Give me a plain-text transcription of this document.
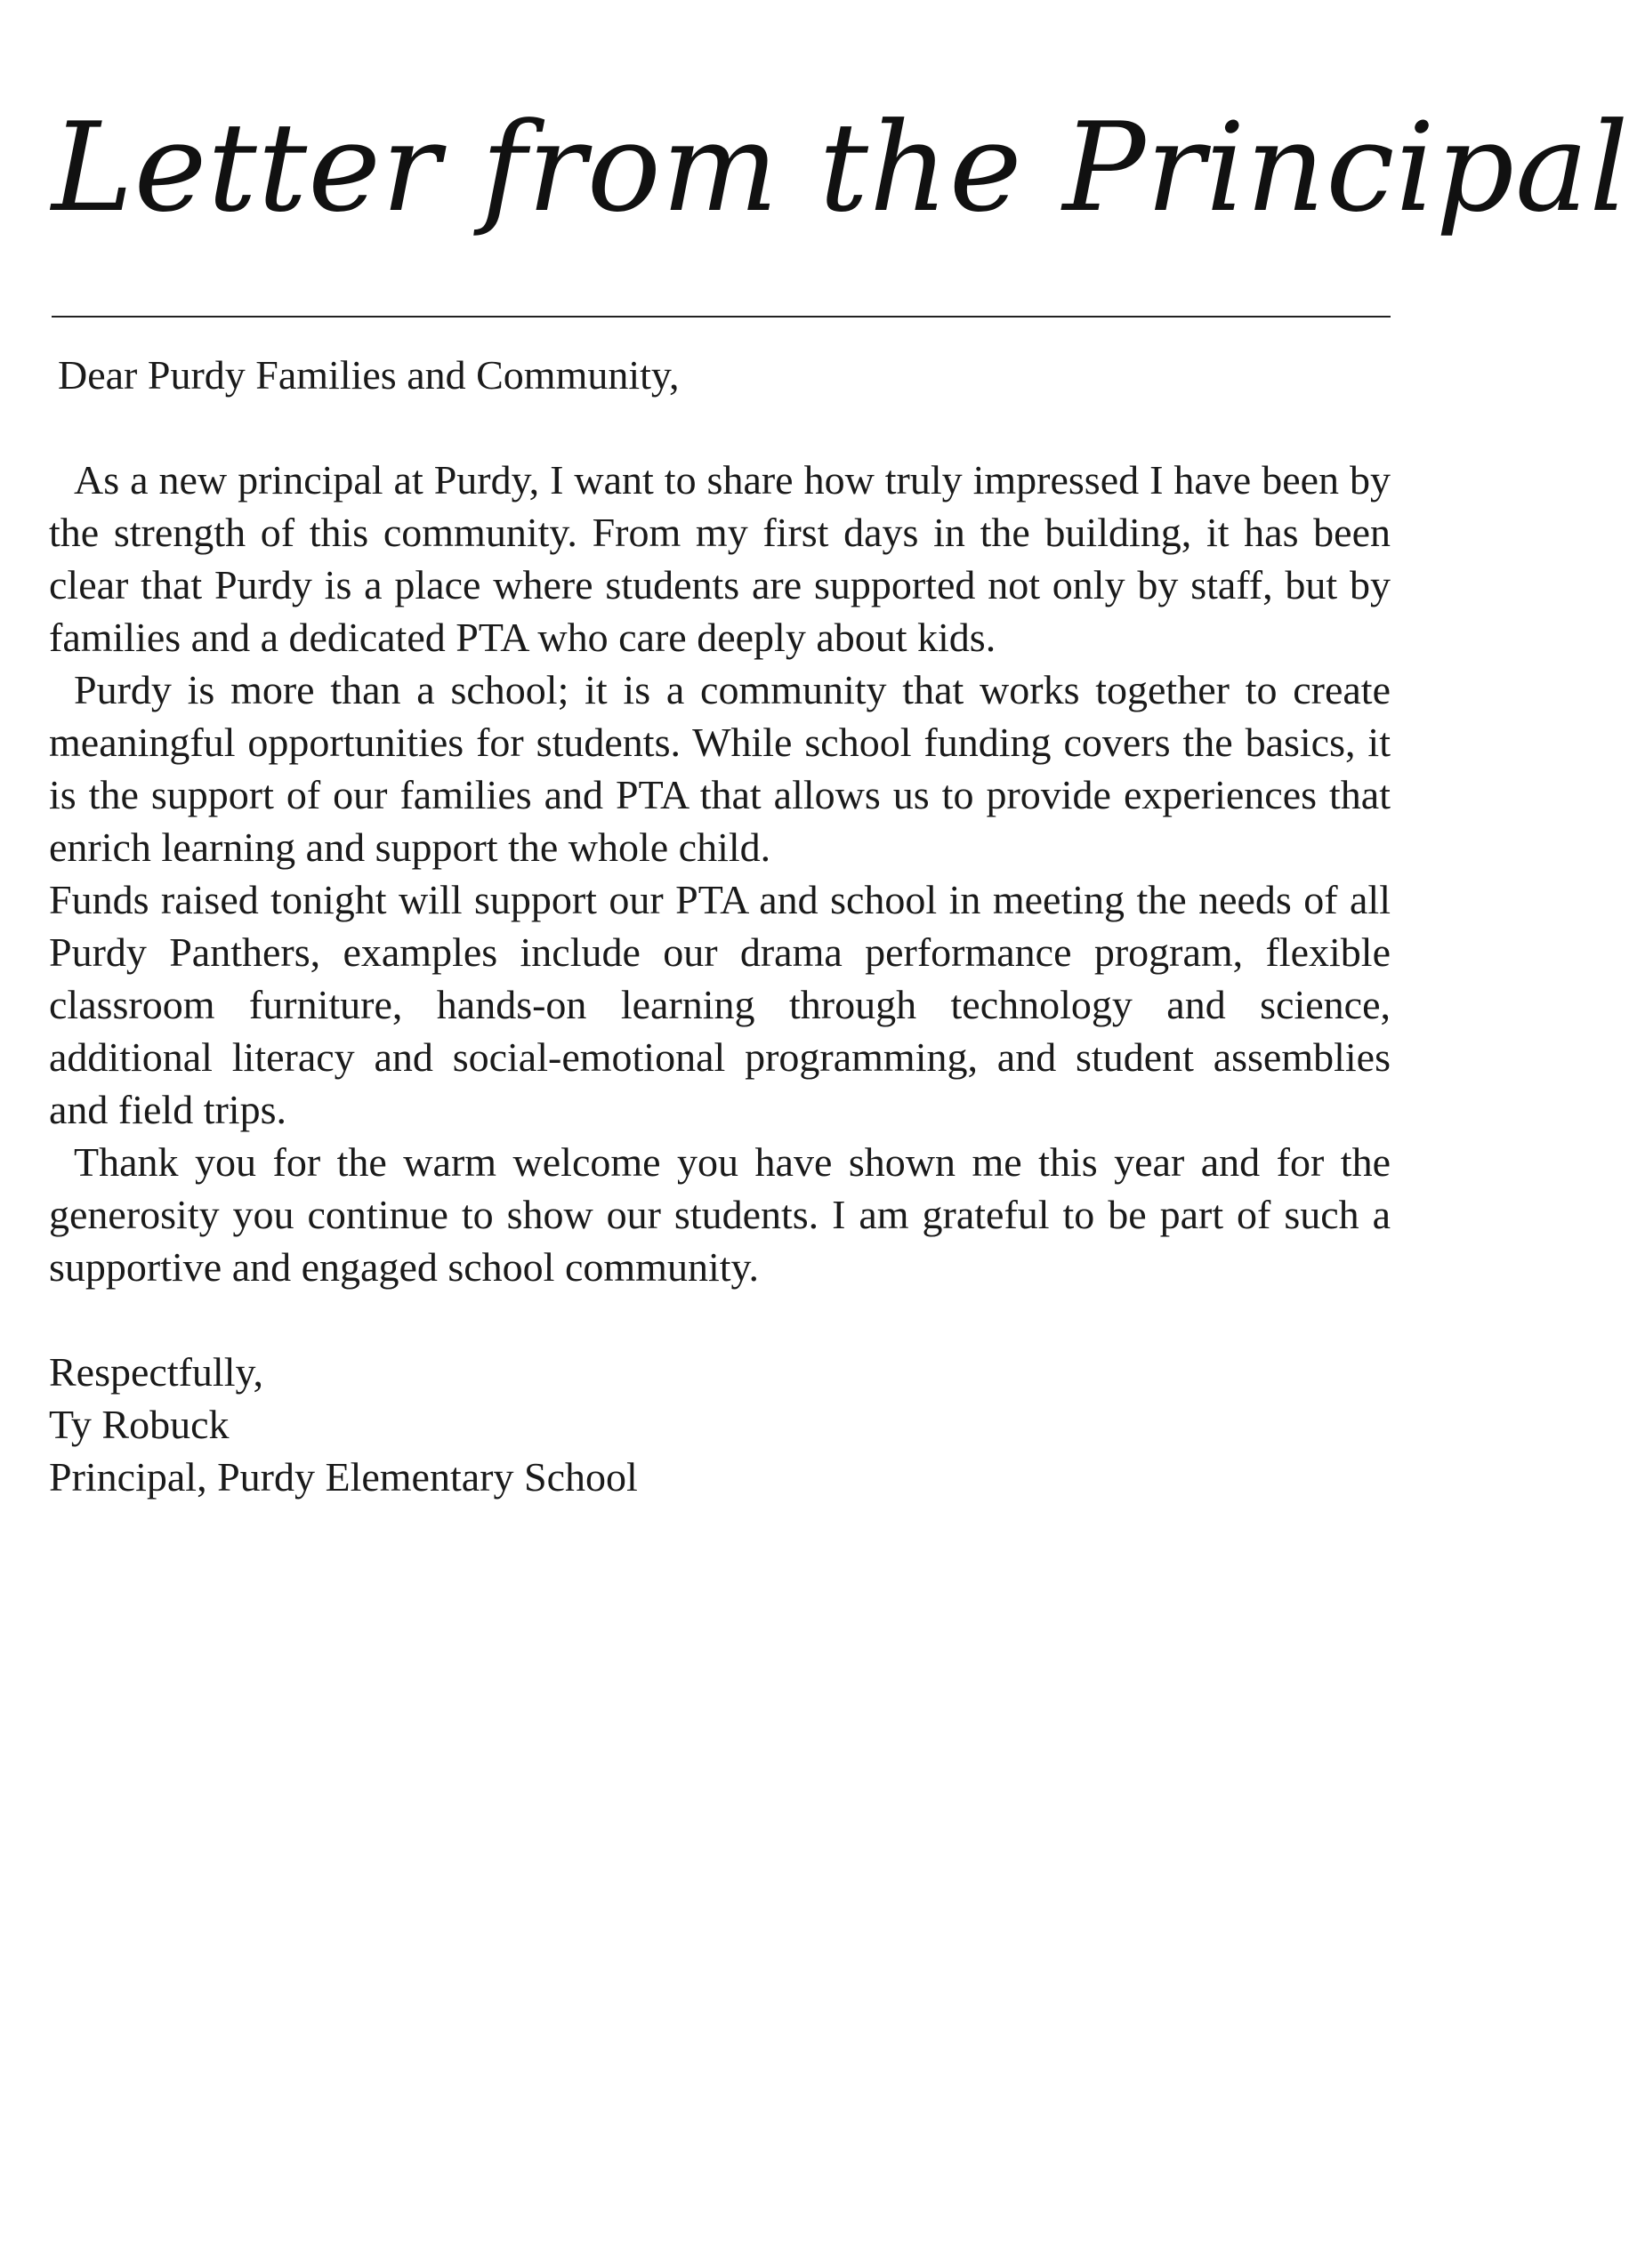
Letter from the Principal

Dear Purdy Families and Community,

As a new principal at Purdy, I want to share how truly impressed I have been by the strength of this community. From my first days in the building, it has been clear that Purdy is a place where students are supported not only by staff, but by families and a dedicated PTA who care deeply about kids.

Purdy is more than a school; it is a community that works together to create meaningful opportunities for students. While school funding covers the basics, it is the support of our families and PTA that allows us to provide experiences that enrich learning and support the whole child.

Funds raised tonight will support our PTA and school in meeting the needs of all Purdy Panthers, examples include our drama performance program, flexible classroom furniture, hands-on learning through technology and science, additional literacy and social-emotional programming, and student assemblies and field trips.

Thank you for the warm welcome you have shown me this year and for the generosity you continue to show our students. I am grateful to be part of such a supportive and engaged school community.

Respectfully,
Ty Robuck
Principal, Purdy Elementary School
